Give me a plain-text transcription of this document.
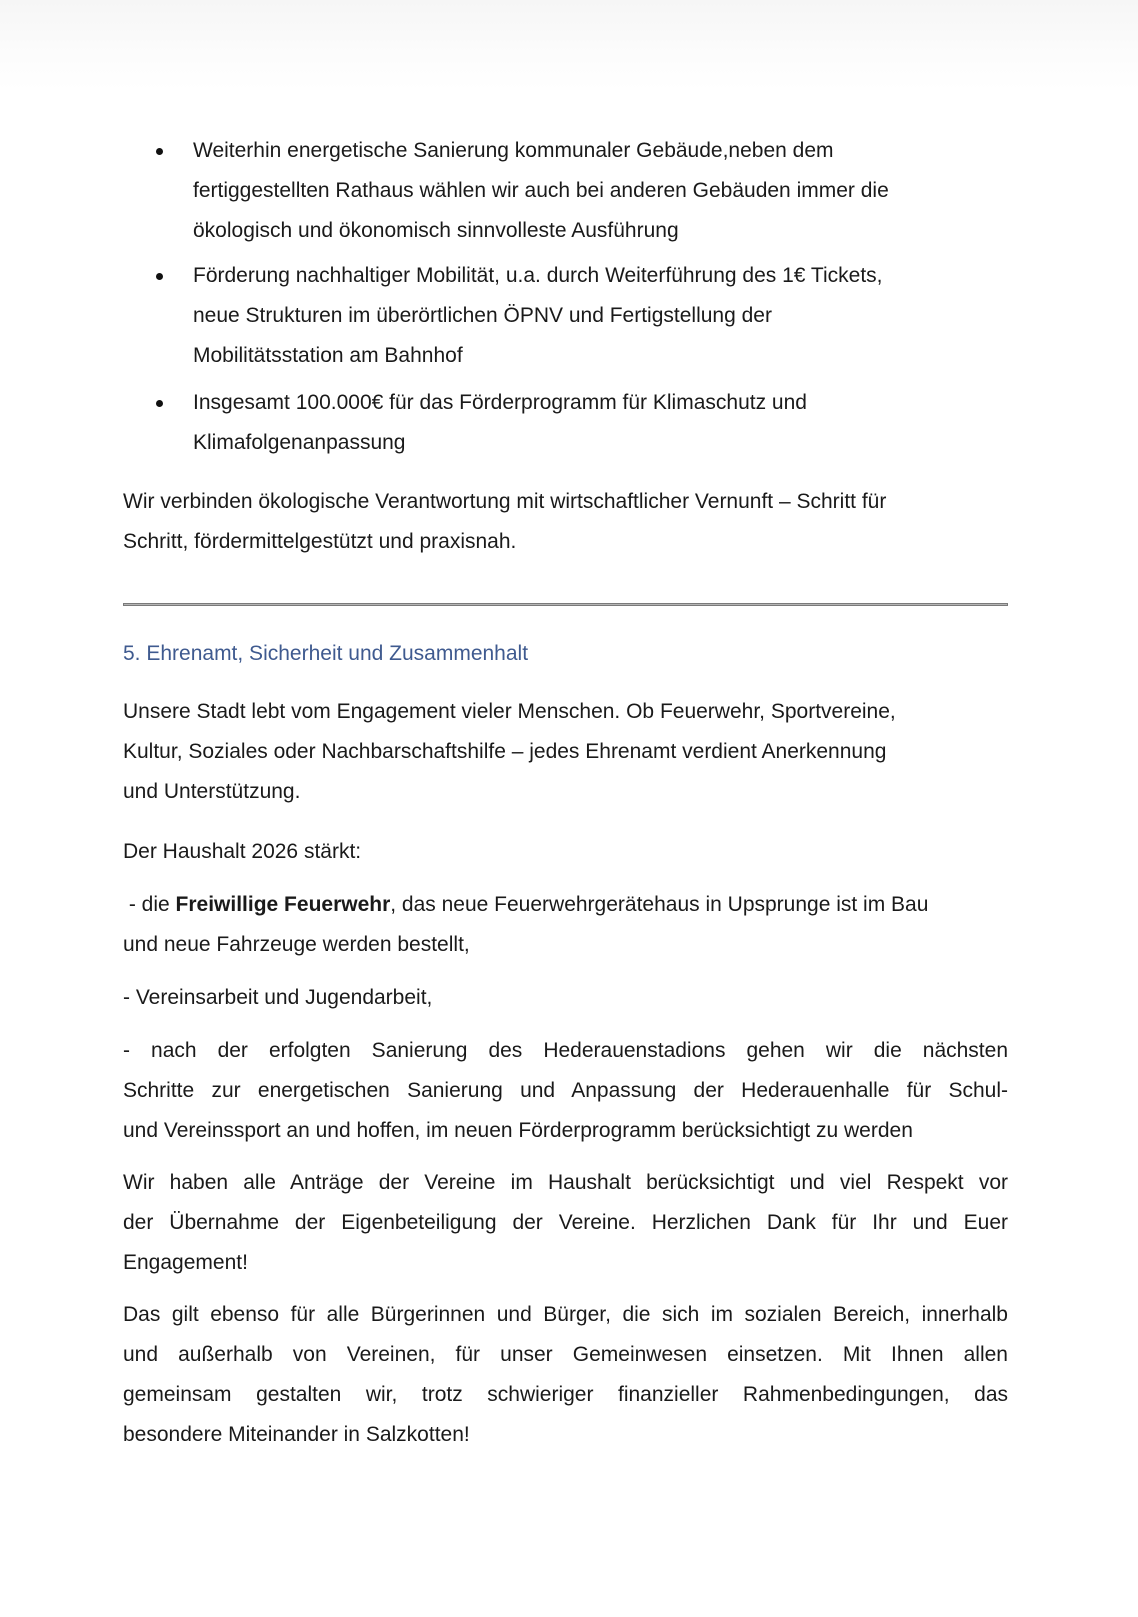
Weiterhin energetische Sanierung kommunaler Gebäude,neben dem
fertiggestellten Rathaus wählen wir auch bei anderen Gebäuden immer die
ökologisch und ökonomisch sinnvolleste Ausführung
Förderung nachhaltiger Mobilität, u.a. durch Weiterführung des 1€ Tickets,
neue Strukturen im überörtlichen ÖPNV und Fertigstellung der
Mobilitätsstation am Bahnhof
Insgesamt 100.000€ für das Förderprogramm für Klimaschutz und
Klimafolgenanpassung

Wir verbinden ökologische Verantwortung mit wirtschaftlicher Vernunft – Schritt für
Schritt, fördermittelgestützt und praxisnah.

5. Ehrenamt, Sicherheit und Zusammenhalt

Unsere Stadt lebt vom Engagement vieler Menschen. Ob Feuerwehr, Sportvereine,
Kultur, Soziales oder Nachbarschaftshilfe – jedes Ehrenamt verdient Anerkennung
und Unterstützung.

Der Haushalt 2026 stärkt:

- die Freiwillige Feuerwehr, das neue Feuerwehrgerätehaus in Upsprunge ist im Bau
und neue Fahrzeuge werden bestellt,

- Vereinsarbeit und Jugendarbeit,

- nach der erfolgten Sanierung des Hederauenstadions gehen wir die nächsten
Schritte zur energetischen Sanierung und Anpassung der Hederauenhalle für Schul-
und Vereinssport an und hoffen, im neuen Förderprogramm berücksichtigt zu werden

Wir haben alle Anträge der Vereine im Haushalt berücksichtigt und viel Respekt vor
der Übernahme der Eigenbeteiligung der Vereine. Herzlichen Dank für Ihr und Euer
Engagement!

Das gilt ebenso für alle Bürgerinnen und Bürger, die sich im sozialen Bereich, innerhalb
und außerhalb von Vereinen, für unser Gemeinwesen einsetzen. Mit Ihnen allen
gemeinsam gestalten wir, trotz schwieriger finanzieller Rahmenbedingungen, das
besondere Miteinander in Salzkotten!
